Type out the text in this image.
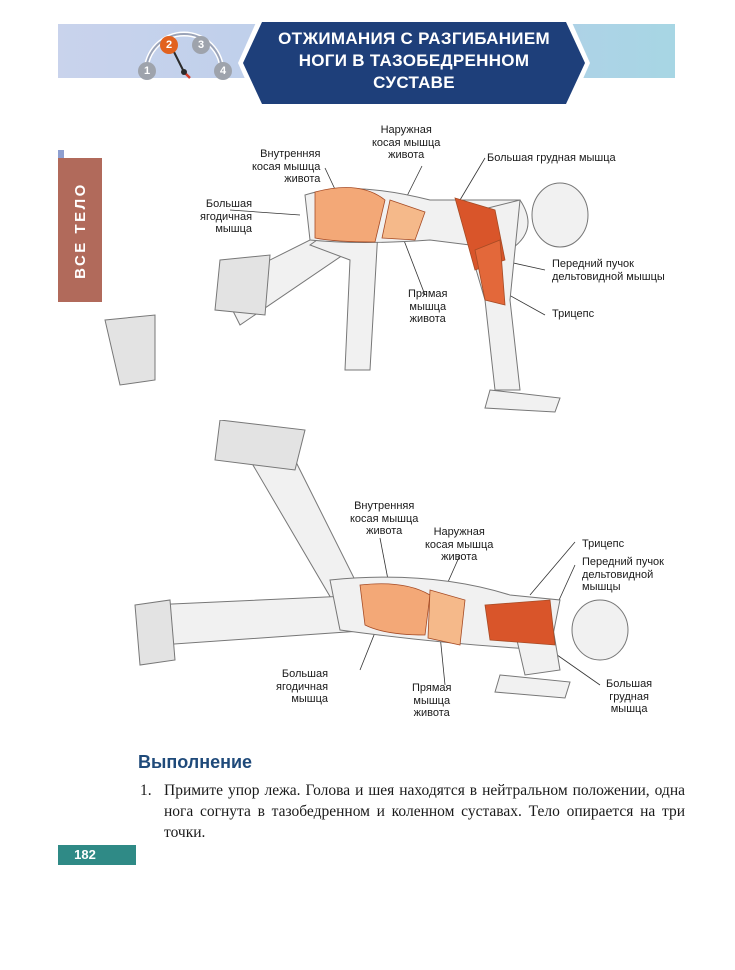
1
2	3
4
ОТЖИМАНИЯ С РАЗГИБАНИЕМ
НОГИ В ТАЗОБЕДРЕННОМ
СУСТАВЕ
ВСЕ ТЕЛО
Наружная
косая мышца
живота
Внутренняя
косая мышца
живота
Большая грудная мышца
Большая
ягодичная
мышца
Передний пучок
дельтовидной мышцы
Прямая
мышца
живота	Трицепс
Внутренняя
косая мышца
живота	Наружная
косая мышца
живота
Трицепс
Передний пучок
дельтовидной
мышцы
Большая
ягодичная
мышца
Прямая
мышца
живота
Большая
грудная
мышца
Выполнение
1. Примите упор лежа. Голова и шея находятся в нейтральном положении, одна нога согнута в тазобедренном и коленном суставах. Тело опирается на три точки.
182
